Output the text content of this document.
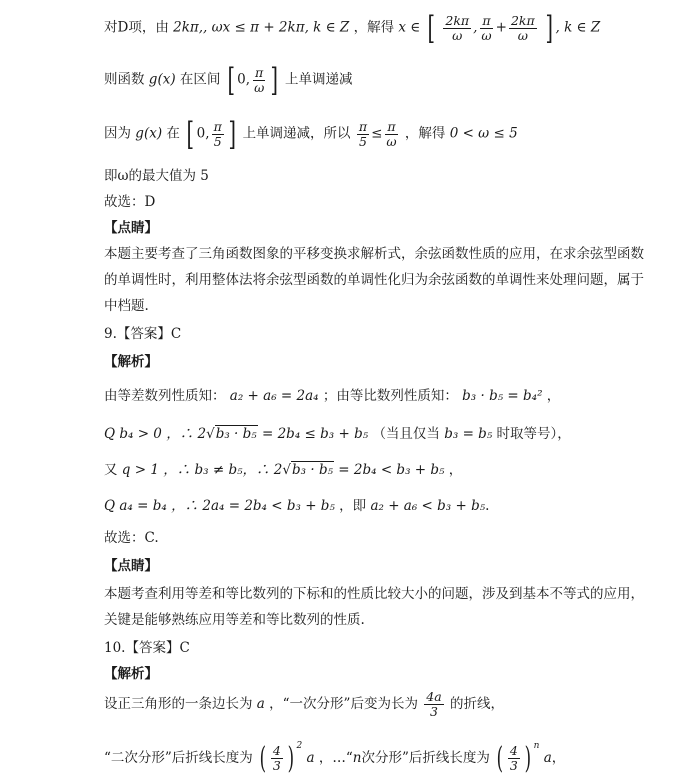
对D项，由 2kπ,, ωx ≤ π + 2kπ, k ∈ Z ，解得 x ∈ [ $\frac{2k\pi}{\omega}$ , $\frac{\pi}{\omega} + \frac{2k\pi}{\omega}$ ] , k ∈ Z
则函数 g(x) 在区间 [ 0, $\frac{\pi}{\omega}$ ] 上单调递减
因为 g(x) 在 [ 0, $\frac{\pi}{5}$ ] 上单调递减，所以 $\frac{\pi}{5} \le \frac{\pi}{\omega}$ ，解得 0 < ω ≤ 5
即ω的最大值为 5
故选：D
【点睛】
本题主要考查了三角函数图象的平移变换求解析式，余弦函数性质的应用，在求余弦型函数
的单调性时，利用整体法将余弦型函数的单调性化归为余弦函数的单调性来处理问题，属于
中档题.
9.【答案】C
【解析】
由等差数列性质知： a₂ + a₆ = 2a₄ ；由等比数列性质知： b₃ · b₅ = b₄² ，
Q b₄ > 0 ，∴ 2√b₃ · b₅ = 2b₄ ≤ b₃ + b₅ （当且仅当 b₃ = b₅ 时取等号），
又 q > 1 ，∴ b₃ ≠ b₅，∴ 2√b₃ · b₅ = 2b₄ < b₃ + b₅ ，
Q a₄ = b₄ ，∴ 2a₄ = 2b₄ < b₃ + b₅ ，即 a₂ + a₆ < b₃ + b₅.
故选：C.
【点睛】
本题考查利用等差和等比数列的下标和的性质比较大小的问题，涉及到基本不等式的应用，
关键是能够熟练应用等差和等比数列的性质.
10.【答案】C
【解析】
设正三角形的一条边长为 a ，“一次分形”后变为长为 $\frac{4a}{3}$ 的折线，
“二次分形”后折线长度为 ( $\frac{4}{3}$ ) $^2$ a ，…“n次分形”后折线长度为 ( $\frac{4}{3}$ ) $^n$ a，
